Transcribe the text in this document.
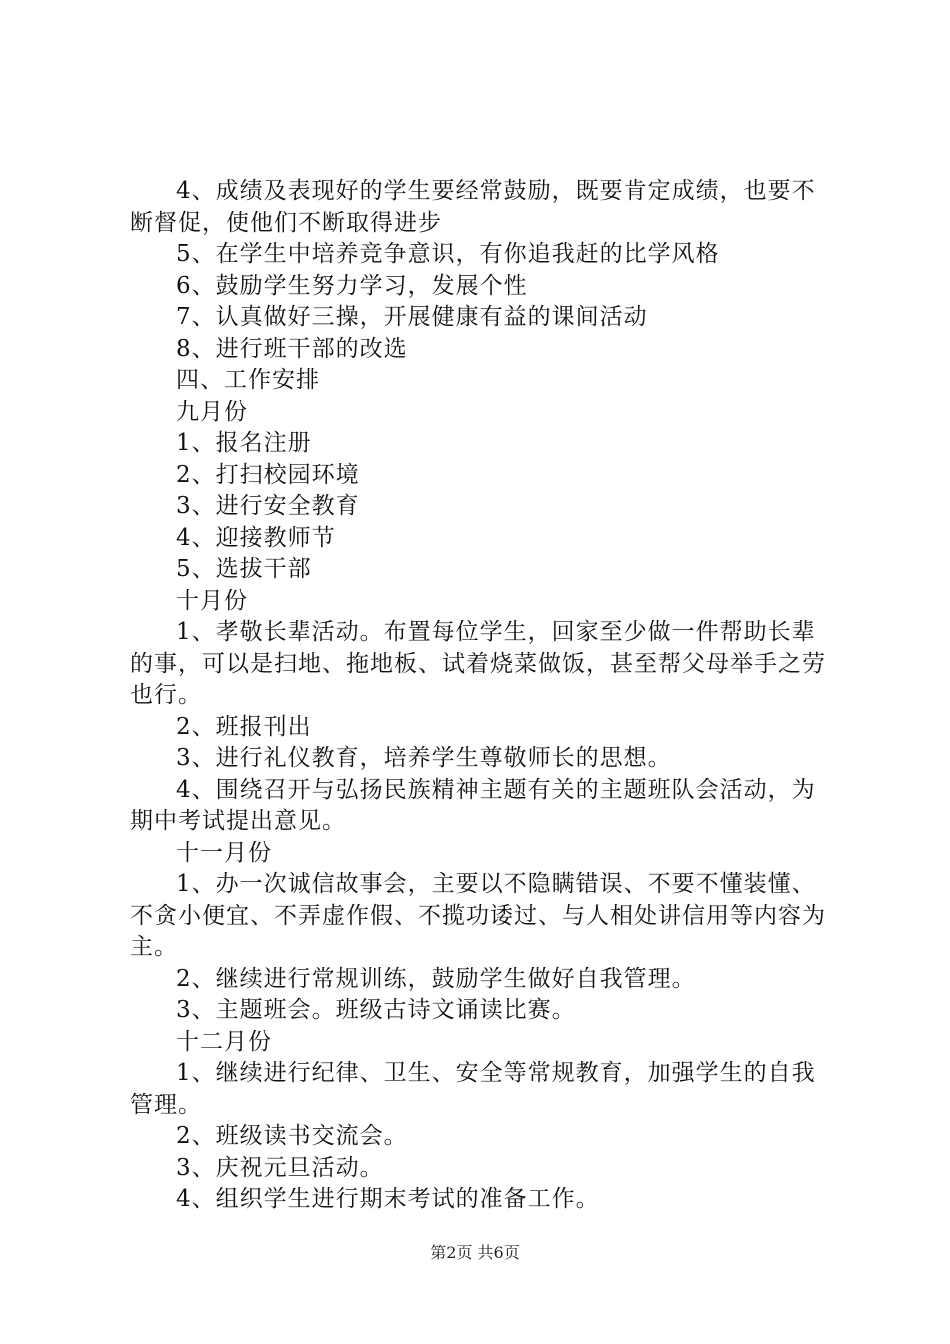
4、成绩及表现好的学生要经常鼓励，既要肯定成绩，也要不断督促，使他们不断取得进步

5、在学生中培养竞争意识，有你追我赶的比学风格

6、鼓励学生努力学习，发展个性

7、认真做好三操，开展健康有益的课间活动

8、进行班干部的改选

四、工作安排

九月份

1、报名注册

2、打扫校园环境

3、进行安全教育

4、迎接教师节

5、选拔干部

十月份

1、孝敬长辈活动。布置每位学生，回家至少做一件帮助长辈的事，可以是扫地、拖地板、试着烧菜做饭，甚至帮父母举手之劳也行。

2、班报刊出

3、进行礼仪教育，培养学生尊敬师长的思想。

4、围绕召开与弘扬民族精神主题有关的主题班队会活动，为期中考试提出意见。

十一月份

1、办一次诚信故事会，主要以不隐瞒错误、不要不懂装懂、不贪小便宜、不弄虚作假、不揽功诿过、与人相处讲信用等内容为主。

2、继续进行常规训练，鼓励学生做好自我管理。

3、主题班会。班级古诗文诵读比赛。

十二月份

1、继续进行纪律、卫生、安全等常规教育，加强学生的自我管理。

2、班级读书交流会。

3、庆祝元旦活动。

4、组织学生进行期末考试的准备工作。

第2页 共6页
